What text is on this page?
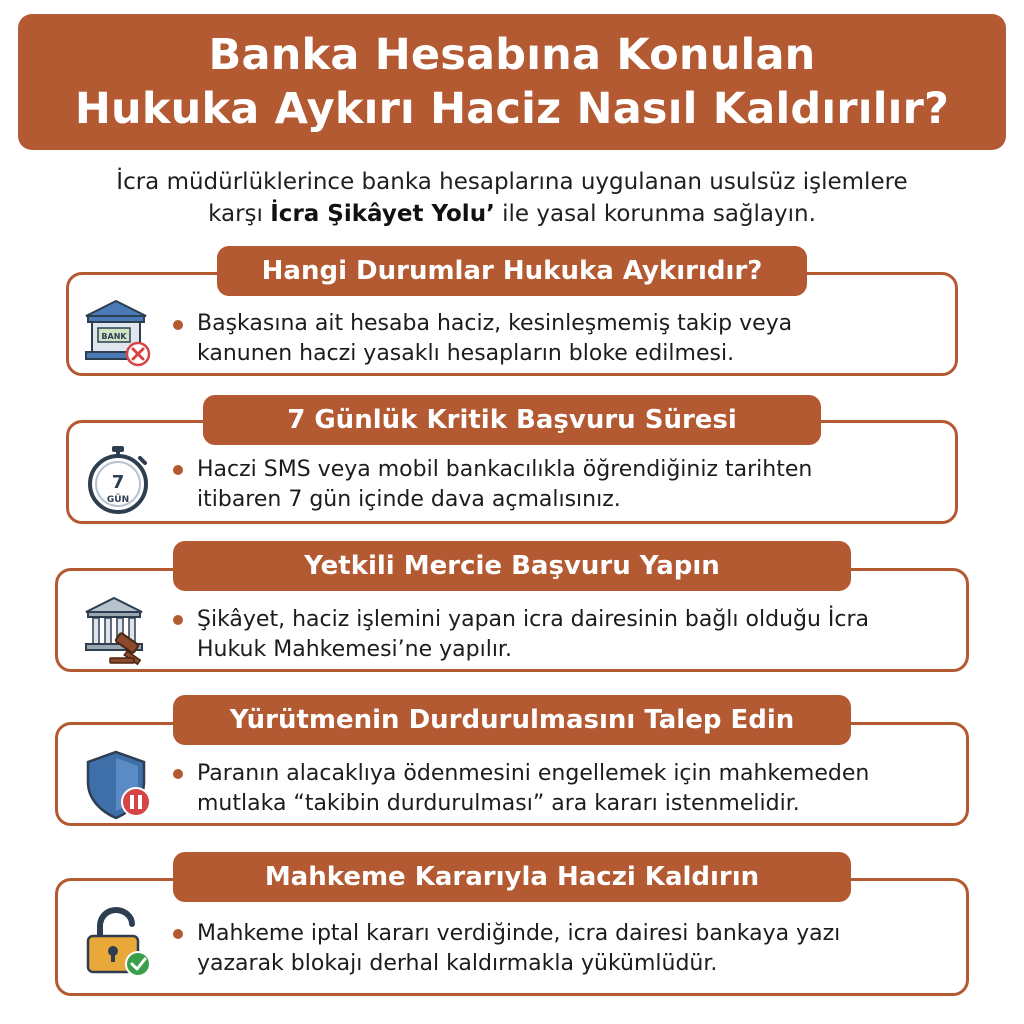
Banka Hesabına Konulan
Hukuka Aykırı Haciz Nasıl Kaldırılır?
İcra müdürlüklerince banka hesaplarına uygulanan usulsüz işlemlere
karşı İcra Şikâyet Yolu’ ile yasal korunma sağlayın.
Hangi Durumlar Hukuka Aykırıdır?
BANK
Başkasına ait hesaba haciz, kesinleşmemiş takip veya
kanunen haczi yasaklı hesapların bloke edilmesi.
7 Günlük Kritik Başvuru Süresi
7
GÜN
Haczi SMS veya mobil bankacılıkla öğrendiğiniz tarihten
itibaren 7 gün içinde dava açmalısınız.
Yetkili Mercie Başvuru Yapın
Şikâyet, haciz işlemini yapan icra dairesinin bağlı olduğu İcra
Hukuk Mahkemesi’ne yapılır.
Yürütmenin Durdurulmasını Talep Edin
Paranın alacaklıya ödenmesini engellemek için mahkemeden
mutlaka “takibin durdurulması” ara kararı istenmelidir.
Mahkeme Kararıyla Haczi Kaldırın
Mahkeme iptal kararı verdiğinde, icra dairesi bankaya yazı
yazarak blokajı derhal kaldırmakla yükümlüdür.
